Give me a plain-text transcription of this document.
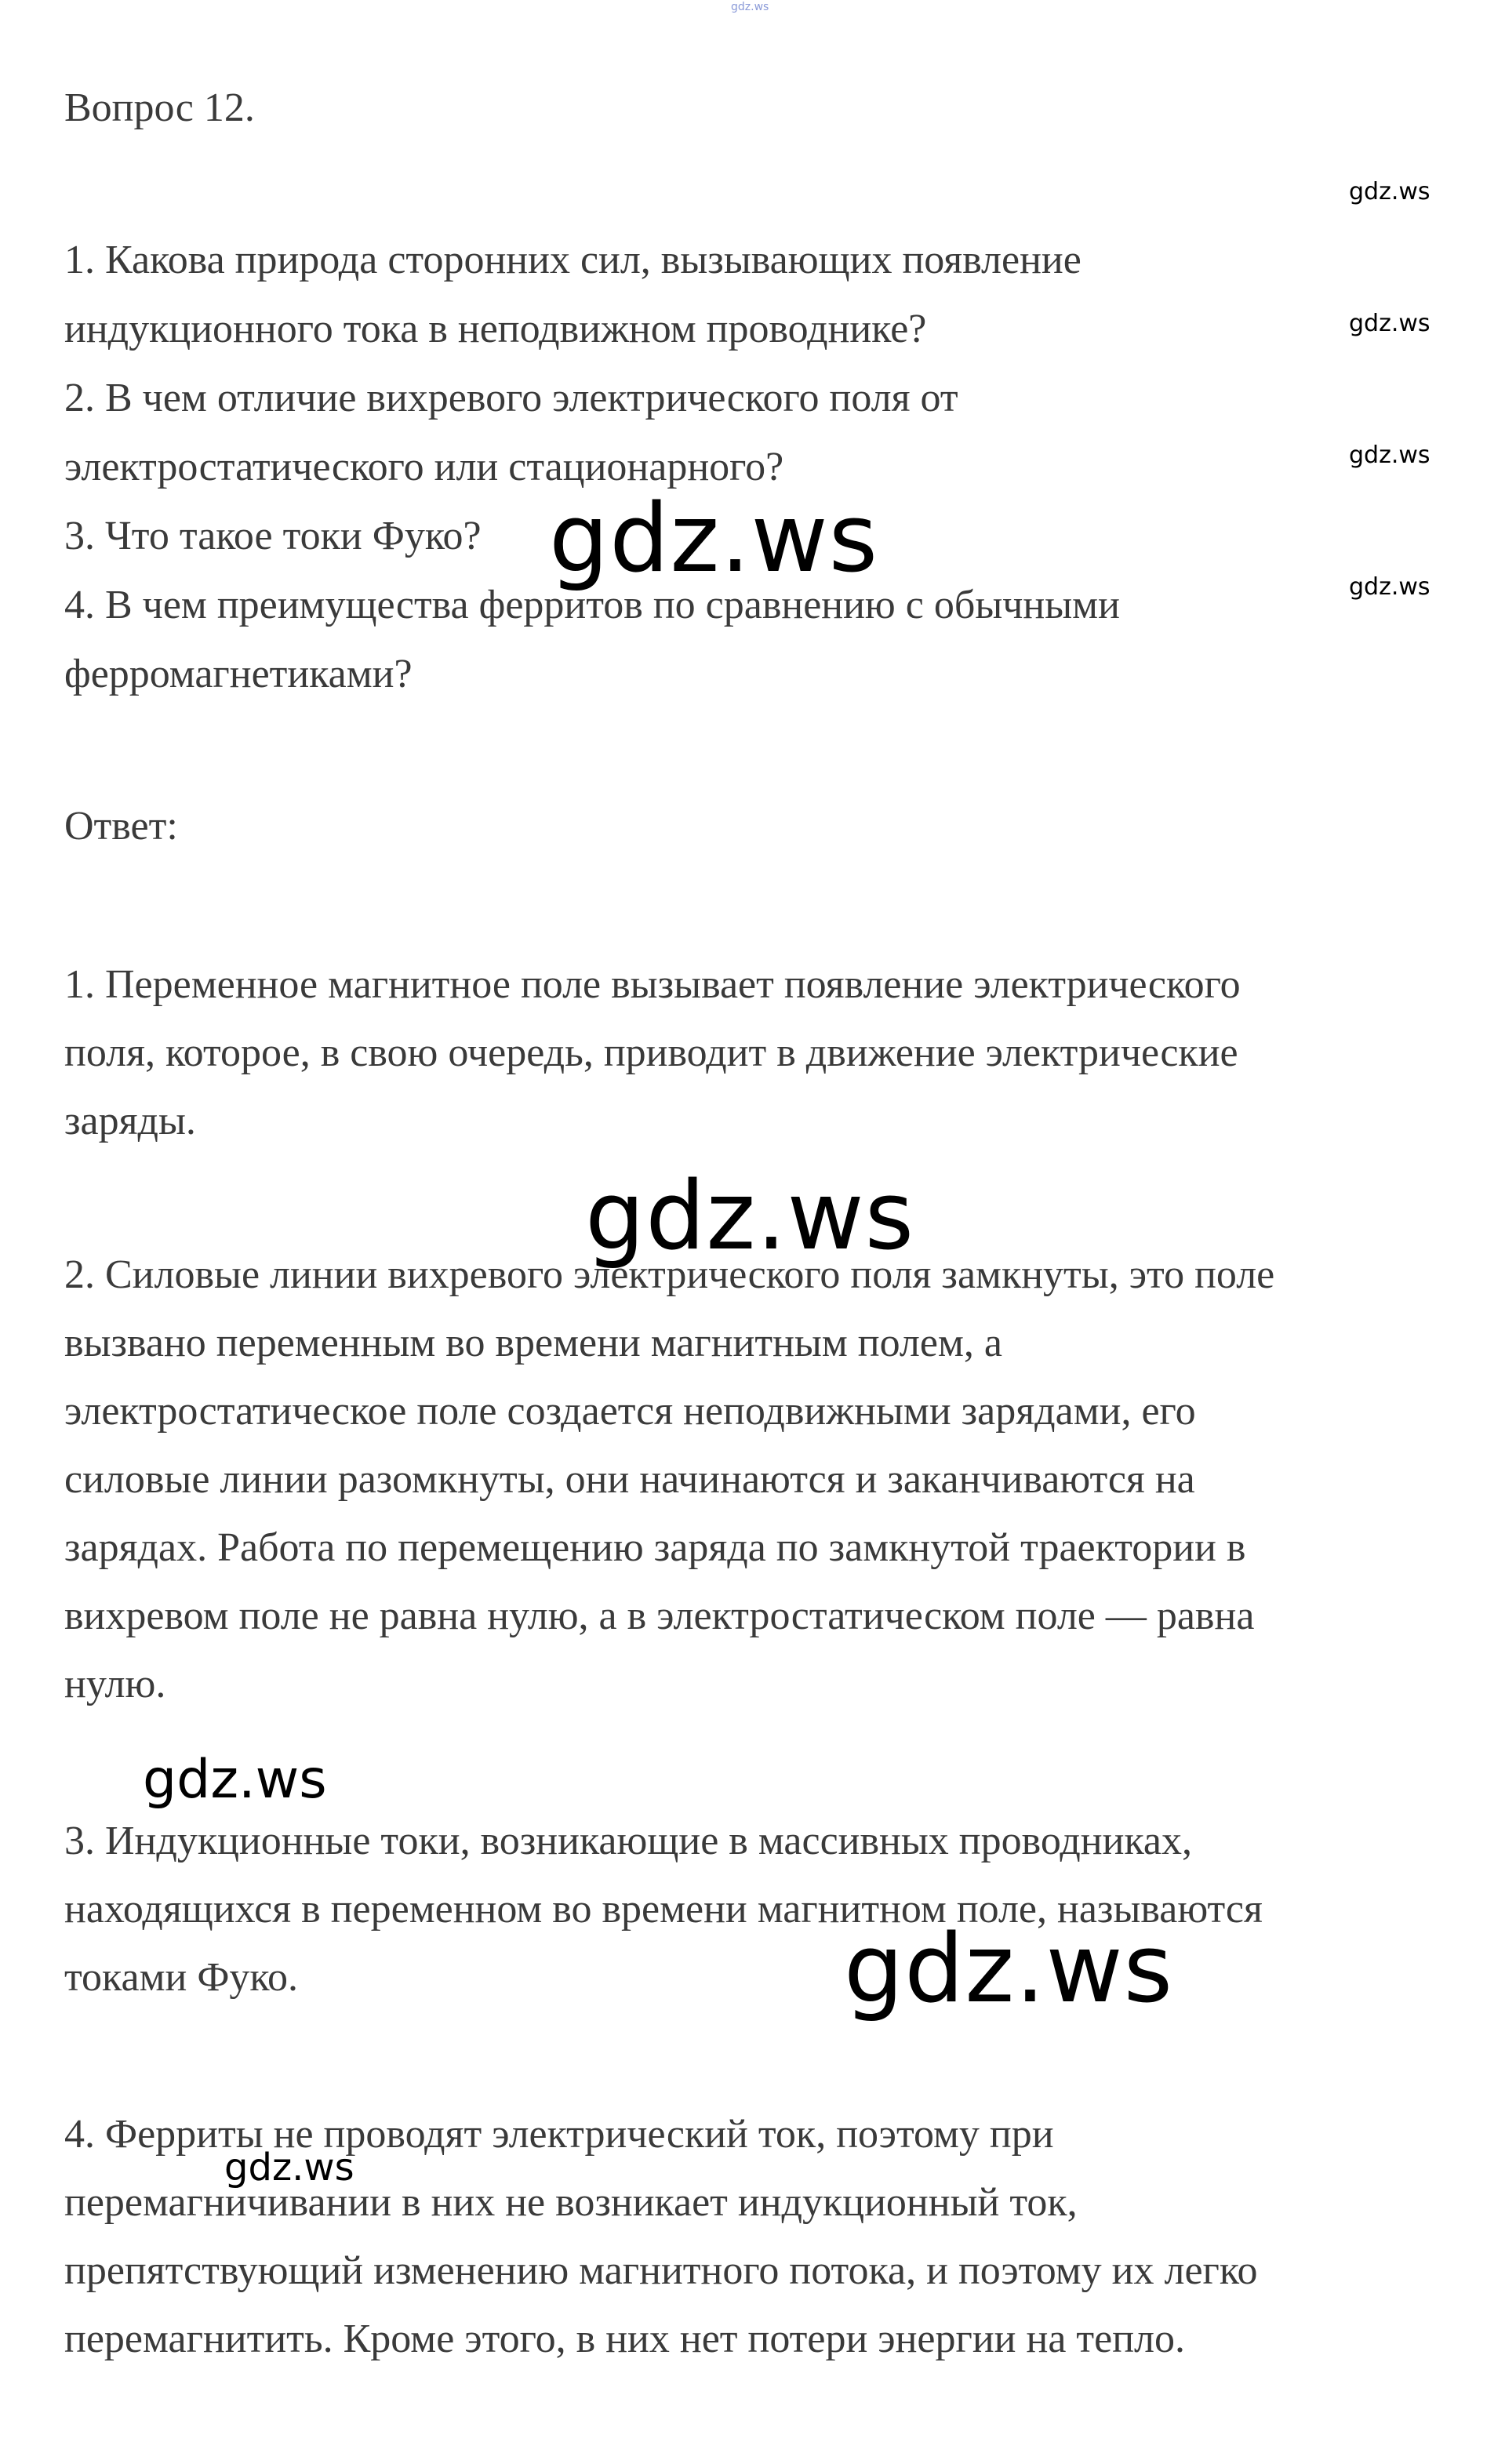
gdz.ws
Вопрос 12.
1. Какова природа сторонних сил, вызывающих появление
индукционного тока в неподвижном проводнике?
2. В чем отличие вихревого электрического поля от
электростатического или стационарного?
3. Что такое токи Фуко?
4. В чем преимущества ферритов по сравнению с обычными
ферромагнетиками?
gdz.ws
gdz.ws
gdz.ws
gdz.ws
gdz.ws
Ответ:
1. Переменное магнитное поле вызывает появление электрического
поля, которое, в свою очередь, приводит в движение электрические
заряды.
gdz.ws
2. Силовые линии вихревого электрического поля замкнуты, это поле
вызвано переменным во времени магнитным полем, а
электростатическое поле создается неподвижными зарядами, его
силовые линии разомкнуты, они начинаются и заканчиваются на
зарядах. Работа по перемещению заряда по замкнутой траектории в
вихревом поле не равна нулю, а в электростатическом поле — равна
нулю.
gdz.ws
3. Индукционные токи, возникающие в массивных проводниках,
находящихся в переменном во времени магнитном поле, называются
токами Фуко.	gdz.ws
4. Ферриты не проводят электрический ток, поэтому при
перемагничивании в них не возникает индукционный ток,
препятствующий изменению магнитного потока, и поэтому их легко
перемагнитить. Кроме этого, в них нет потери энергии на тепло.
gdz.ws
